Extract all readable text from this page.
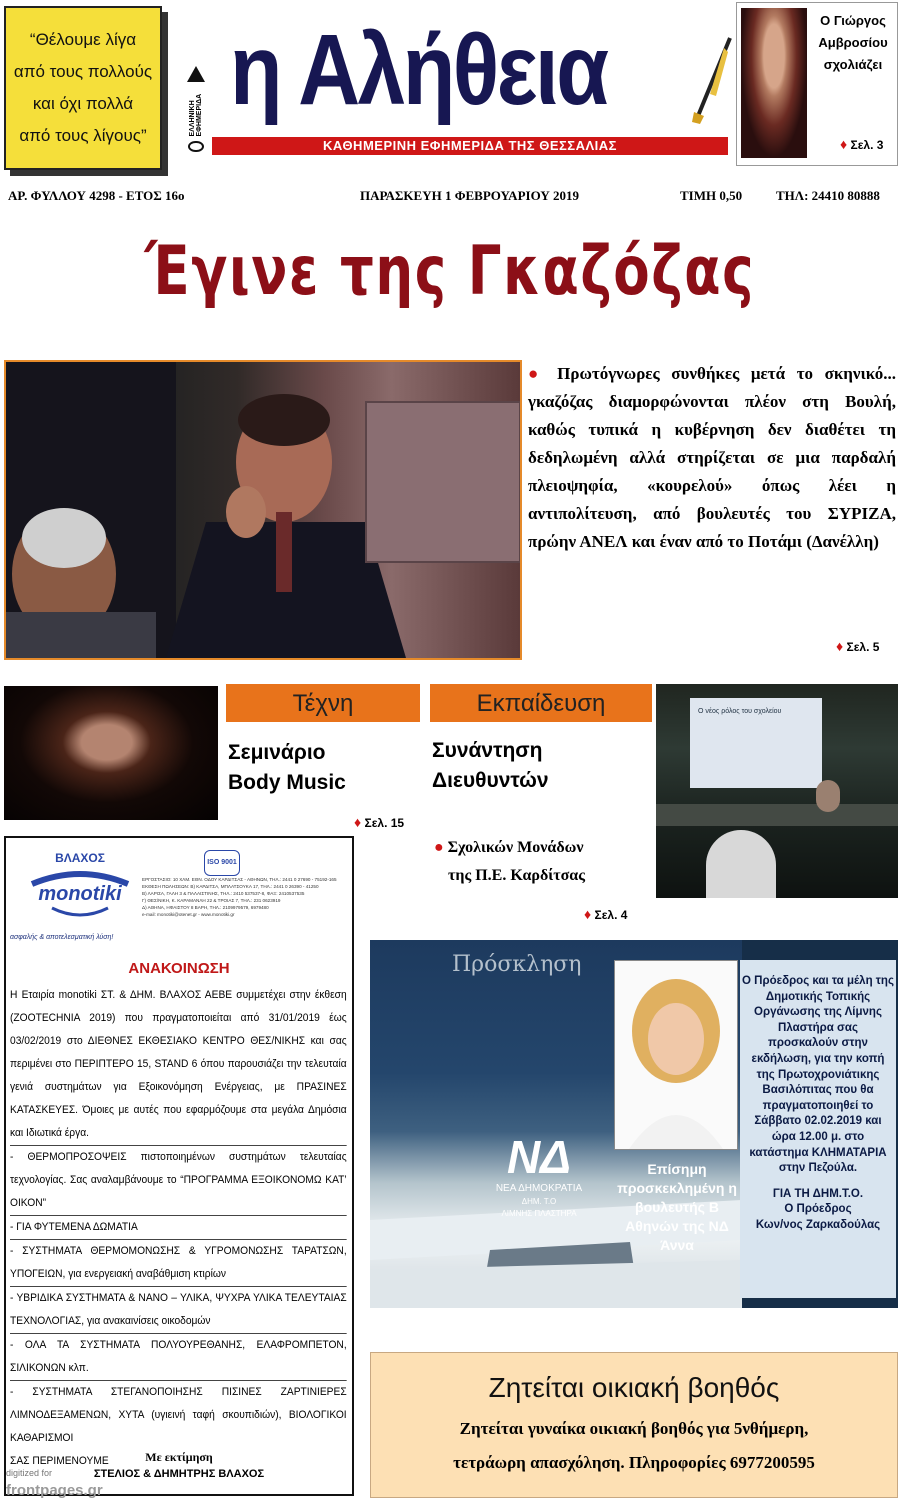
“Θέλουμε λίγα
από τους πολλούς
και όχι πολλά
από τους λίγους”	ΕΛΛΗΝΙΚΗ ΕΦΗΜΕΡΙΔΑ η Αλήθεια
ΚΑΘΗΜΕΡΙΝΗ ΕΦΗΜΕΡΙΔΑ ΤΗΣ ΘΕΣΣΑΛΙΑΣ
Ο Γιώργος
Αμβροσίου
σχολιάζει
♦ Σελ. 3
ΑΡ. ΦΥΛΛΟΥ 4298 - ΕΤΟΣ 16ο	ΠΑΡΑΣΚΕΥΗ 1 ΦΕΒΡΟΥΑΡΙΟΥ 2019	ΤΙΜΗ 0,50	ΤΗΛ: 24410 80888
Έγινε της Γκαζόζας
● Πρωτόγνωρες συνθήκες μετά το σκηνικό... γκαζόζας διαμορφώνονται πλέον στη Βουλή, καθώς τυπικά η κυβέρνηση δεν διαθέτει τη δεδηλωμένη αλλά στηρίζεται σε μια παρδαλή πλειοψηφία, «κουρελού» όπως λέει η αντιπολίτευση, από βουλευτές του ΣΥΡΙΖΑ, πρώην ΑΝΕΛ και έναν από το Ποτάμι (Δανέλλη)
♦ Σελ. 5
Τέχνη
Σεμινάριο
Body Music
♦ Σελ. 15
Εκπαίδευση
Συνάντηση
Διευθυντών
● Σχολικών Μονάδων
της Π.Ε. Καρδίτσας
♦ Σελ. 4
Ο νέος ρόλος του σχολείου
ΒΛΑΧΟΣ
monotiki
ISO 9001
ΕΡΓΟΣΤΑΣΙΟ: 10 ΧΛΜ. ΕΘΝ. ΟΔΟΥ ΚΑΡΔΙΤΣΑΣ - ΑΘΗΝΩΝ, ΤΗΛ.: 2441 0 27690 - 75192-165
ΕΚΘΕΣΗ ΠΩΛΗΣΕΩΝ: Β) ΚΑΡΔΙΤΣΑ, ΜΠΛΑΤΣΟΥΚΑ 17, ΤΗΛ.: 2441 0 26390 - 41250
Β) ΛΑΡΙΣΑ, ΓΑΛΗ 3 & ΠΑΛΑΙΣΤΙΝΗΣ, ΤΗΛ.: 2410 537537-8, ΦΑΞ: 2410537535
Γ) ΘΕΣ/ΝΙΚΗ, Κ. ΚΑΡΑΜΑΝΛΗ 22 & ΤΡΟΙΑΣ 7, ΤΗΛ.: 231 0623919
Δ) ΑΘΗΝΑ, ΗΦΑΙΣΤΟΥ 8 ΒΑΡΗ, ΤΗΛ.: 2109979579, 6979480
e-mail: monotiki@otenet.gr - www.monotiki.gr
ασφαλής & αποτελεσματική λύση!
ΑΝΑΚΟΙΝΩΣΗ

Η Εταιρία monotiki ΣΤ. & ΔΗΜ. ΒΛΑΧΟΣ ΑΕΒΕ συμμετέχει στην έκθεση (ZOOTECHNIA 2019) που πραγματοποιείται από 31/01/2019 έως 03/02/2019 στο ΔΙΕΘΝΕΣ ΕΚΘΕΣΙΑΚΟ ΚΕΝΤΡΟ ΘΕΣ/ΝΙΚΗΣ και σας περιμένει στο ΠΕΡΙΠΤΕΡΟ 15, STAND 6 όπου παρουσιάζει την τελευταία γενιά συστημάτων για Εξοικονόμηση Ενέργειας, με ΠΡΑΣΙΝΕΣ ΚΑΤΑΣΚΕΥΕΣ. Όμοιες με αυτές που εφαρμόζουμε στα μεγάλα Δημόσια και Ιδιωτικά έργα.

- ΘΕΡΜΟΠΡΟΣΟΨΕΙΣ πιστοποιημένων συστημάτων τελευταίας τεχνολογίας. Σας αναλαμβάνουμε το “ΠΡΟΓΡΑΜΜΑ ΕΞΟΙΚΟΝΟΜΩ ΚΑΤ’ ΟΙΚΟΝ”

- ΓΙΑ ΦΥΤΕΜΕΝΑ ΔΩΜΑΤΙΑ

- ΣΥΣΤΗΜΑΤΑ ΘΕΡΜΟΜΟΝΩΣΗΣ & ΥΓΡΟΜΟΝΩΣΗΣ ΤΑΡΑΤΣΩΝ, ΥΠΟΓΕΙΩΝ, για ενεργειακή αναβάθμιση κτιρίων

- ΥΒΡΙΔΙΚΑ ΣΥΣΤΗΜΑΤΑ & ΝΑΝΟ – ΥΛΙΚΑ, ΨΥΧΡΑ ΥΛΙΚΑ ΤΕΛΕΥΤΑΙΑΣ ΤΕΧΝΟΛΟΓΙΑΣ, για ανακαινίσεις οικοδομών

- ΟΛΑ ΤΑ ΣΥΣΤΗΜΑΤΑ ΠΟΛΥΟΥΡΕΘΑΝΗΣ, ΕΛΑΦΡΟΜΠΕΤΟΝ, ΣΙΛΙΚΟΝΩΝ κλπ.

- ΣΥΣΤΗΜΑΤΑ ΣΤΕΓΑΝΟΠΟΙΗΣΗΣ ΠΙΣΙΝΕΣ ΖΑΡΤΙΝΙΕΡΕΣ ΛΙΜΝΟΔΕΞΑΜΕΝΩΝ, ΧΥΤΑ (υγιεινή ταφή σκουπιδιών), ΒΙΟΛΟΓΙΚΟΙ ΚΑΘΑΡΙΣΜΟΙ

ΣΑΣ ΠΕΡΙΜΕΝΟΥΜΕ	Με εκτίμηση
ΣΤΕΛΙΟΣ & ΔΗΜΗΤΡΗΣ ΒΛΑΧΟΣ
Πρόσκληση
ΝΔ
ΝΕΑ ΔΗΜΟΚΡΑΤΙΑ
ΔΗΜ. Τ.Ο
ΛΙΜΝΗΣ ΠΛΑΣΤΗΡΑ
Επίσημη προσκεκλημένη η βουλευτής Β Αθηνών της ΝΔ Άννα
Ο Πρόεδρος και τα μέλη της Δημοτικής Τοπικής Οργάνωσης της Λίμνης Πλαστήρα σας προσκαλούν στην εκδήλωση, για την κοπή της Πρωτοχρονιάτικης Βασιλόπιτας που θα πραγματοποιηθεί το Σάββατο 02.02.2019 και ώρα 12.00 μ. στο κατάστημα ΚΛΗΜΑΤΑΡΙΑ στην Πεζούλα.
ΓΙΑ ΤΗ ΔΗΜ.Τ.Ο.
Ο Πρόεδρος
Κων/νος Ζαρκαδούλας
Ζητείται οικιακή βοηθός
Ζητείται γυναίκα οικιακή βοηθός για 5νθήμερη,
τετράωρη απασχόληση. Πληροφορίες 6977200595
digitized for
frontpages.gr
